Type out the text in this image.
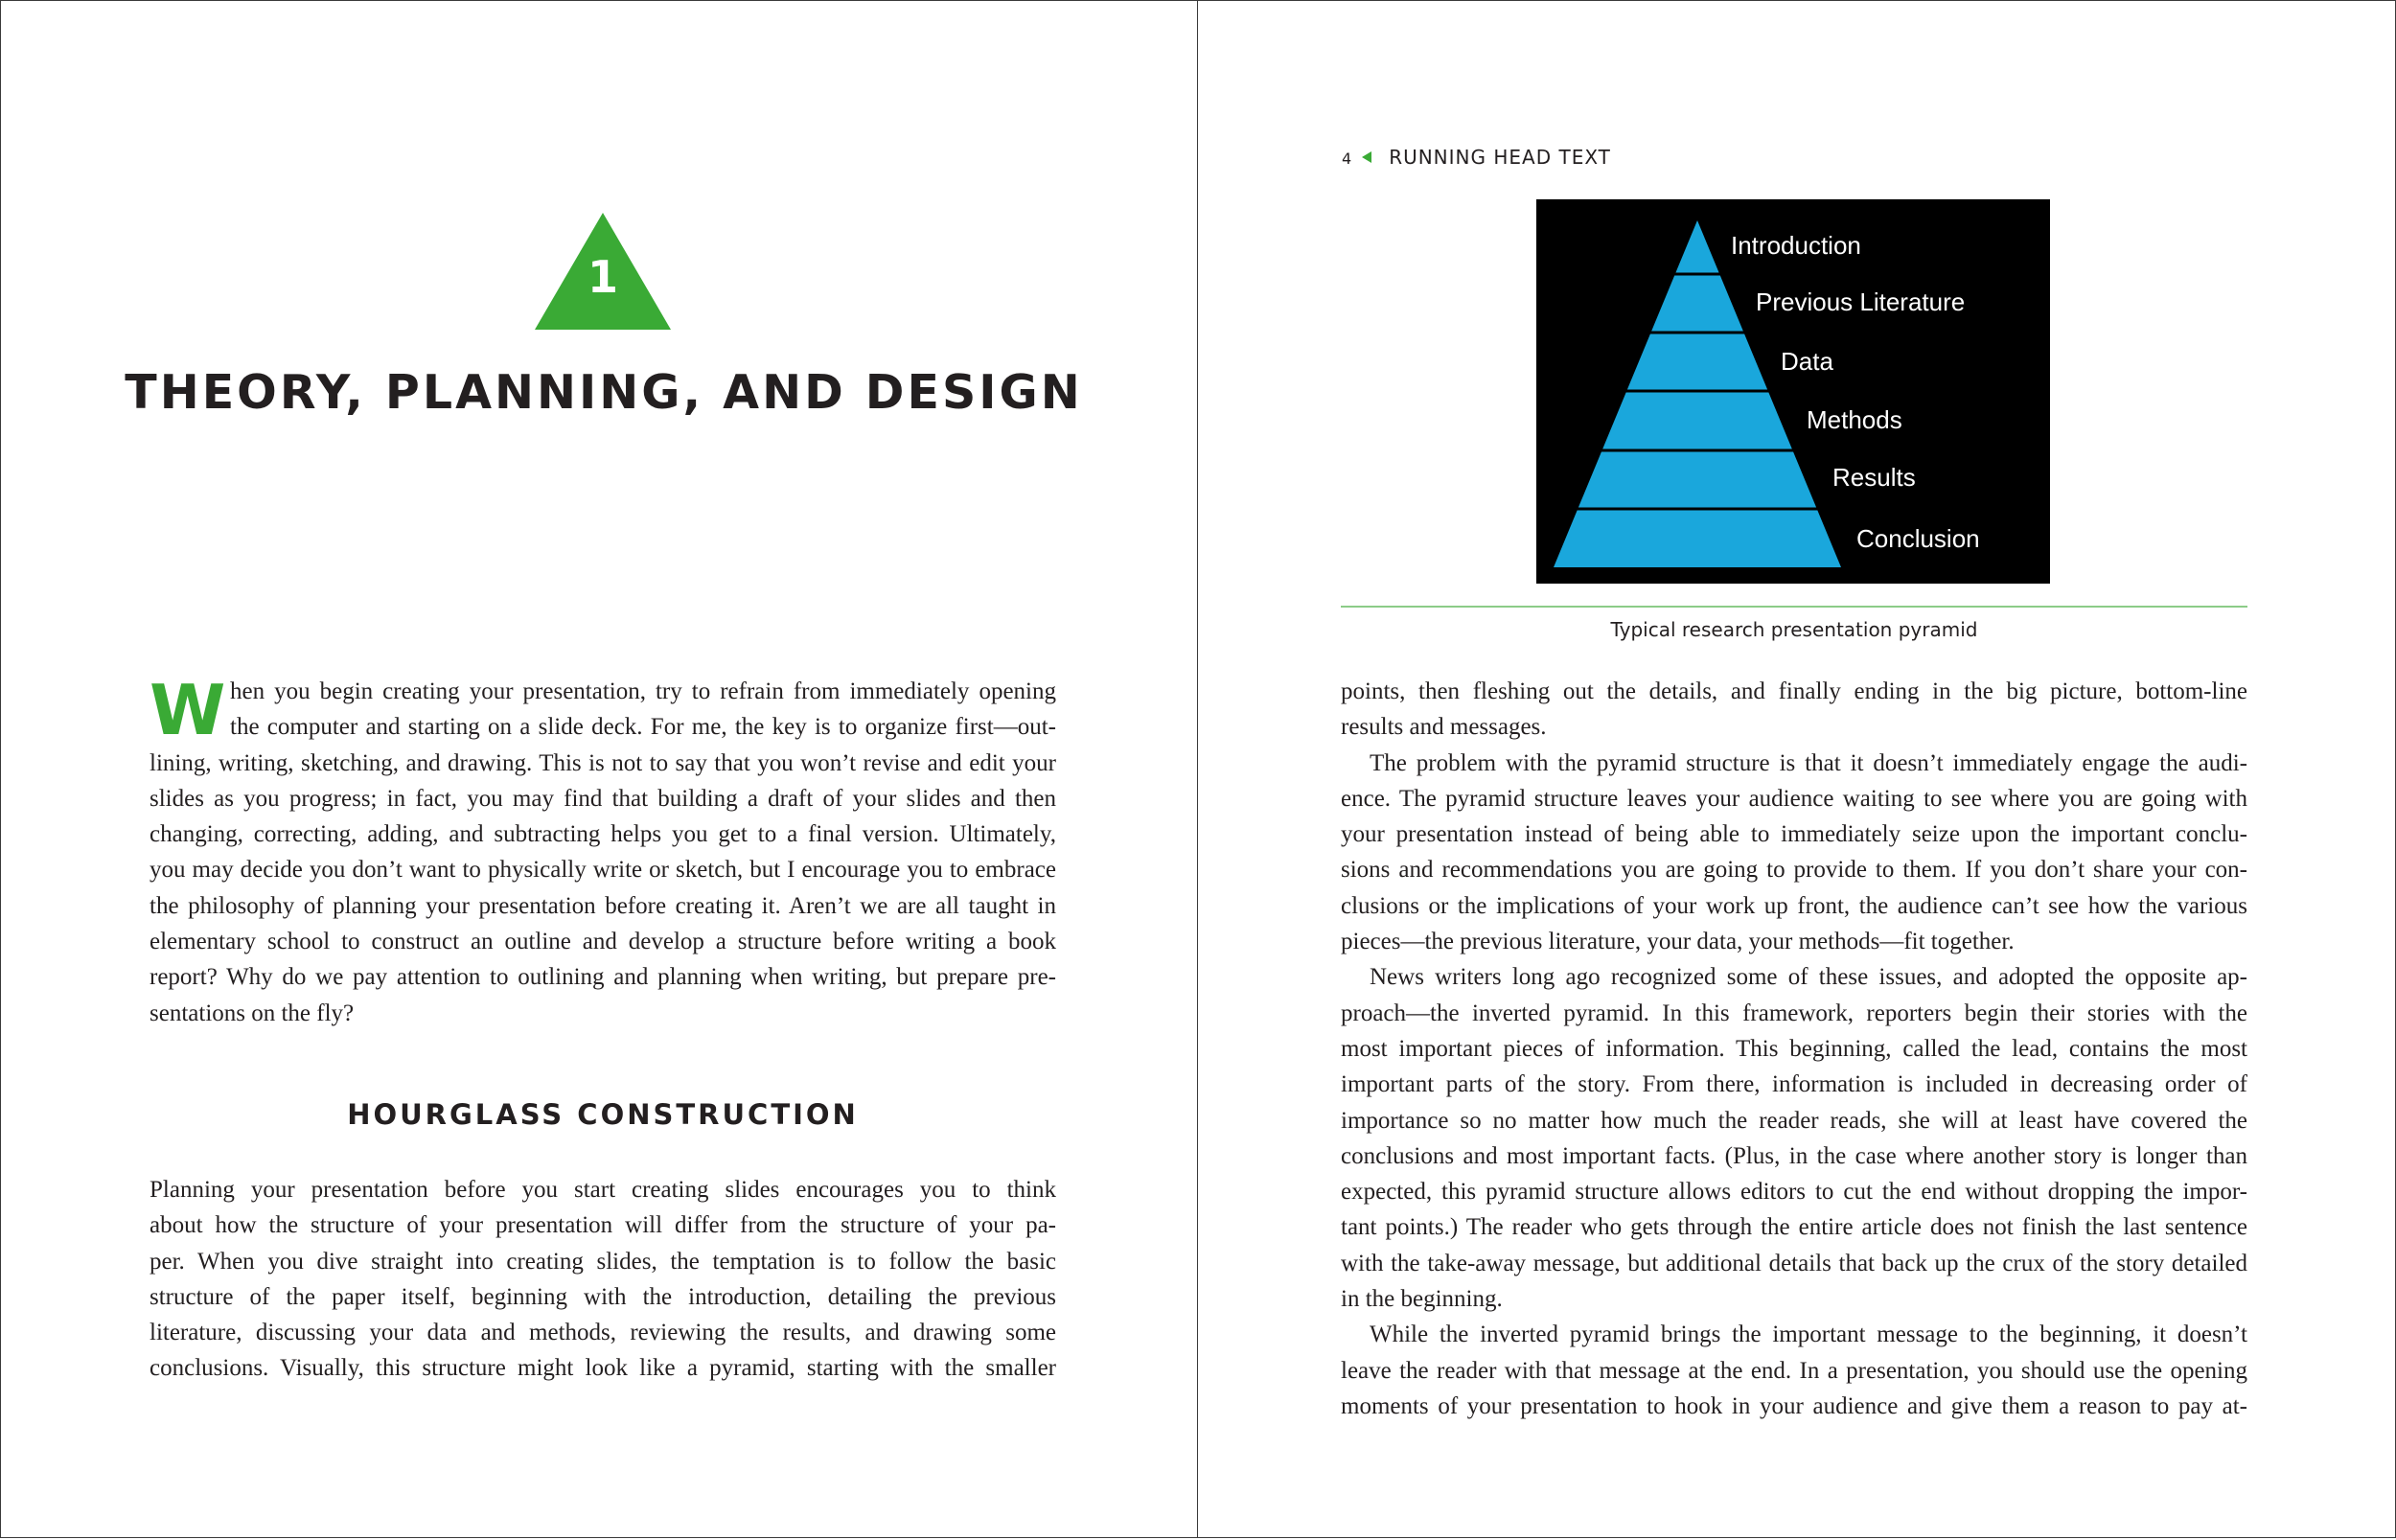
1
THEORY, PLANNING, AND DESIGN
W hen you begin creating your presentation, try to refrain from immediately opening
the computer and starting on a slide deck. For me, the key is to organize first—out-
lining, writing, sketching, and drawing. This is not to say that you won’t revise and edit your
slides as you progress; in fact, you may find that building a draft of your slides and then
changing, correcting, adding, and subtracting helps you get to a final version. Ultimately,
you may decide you don’t want to physically write or sketch, but I encourage you to embrace
the philosophy of planning your presentation before creating it. Aren’t we are all taught in
elementary school to construct an outline and develop a structure before writing a book
report? Why do we pay attention to outlining and planning when writing, but prepare pre-
sentations on the fly?
HOURGLASS CONSTRUCTION
Planning your presentation before you start creating slides encourages you to think
about how the structure of your presentation will differ from the structure of your pa-
per. When you dive straight into creating slides, the temptation is to follow the basic
structure of the paper itself, beginning with the introduction, detailing the previous
literature, discussing your data and methods, reviewing the results, and drawing some
conclusions. Visually, this structure might look like a pyramid, starting with the smaller
4 RUNNING HEAD TEXT
Introduction
Previous Literature
Data
Methods
Results
Conclusion

Typical research presentation pyramid

points, then fleshing out the details, and finally ending in the big picture, bottom-line
results and messages.
The problem with the pyramid structure is that it doesn’t immediately engage the audi-
ence. The pyramid structure leaves your audience waiting to see where you are going with
your presentation instead of being able to immediately seize upon the important conclu-
sions and recommendations you are going to provide to them. If you don’t share your con-
clusions or the implications of your work up front, the audience can’t see how the various
pieces—the previous literature, your data, your methods—fit together.
News writers long ago recognized some of these issues, and adopted the opposite ap-
proach—the inverted pyramid. In this framework, reporters begin their stories with the
most important pieces of information. This beginning, called the lead, contains the most
important parts of the story. From there, information is included in decreasing order of
importance so no matter how much the reader reads, she will at least have covered the
conclusions and most important facts. (Plus, in the case where another story is longer than
expected, this pyramid structure allows editors to cut the end without dropping the impor-
tant points.) The reader who gets through the entire article does not finish the last sentence
with the take-away message, but additional details that back up the crux of the story detailed
in the beginning.
While the inverted pyramid brings the important message to the beginning, it doesn’t
leave the reader with that message at the end. In a presentation, you should use the opening
moments of your presentation to hook in your audience and give them a reason to pay at-
